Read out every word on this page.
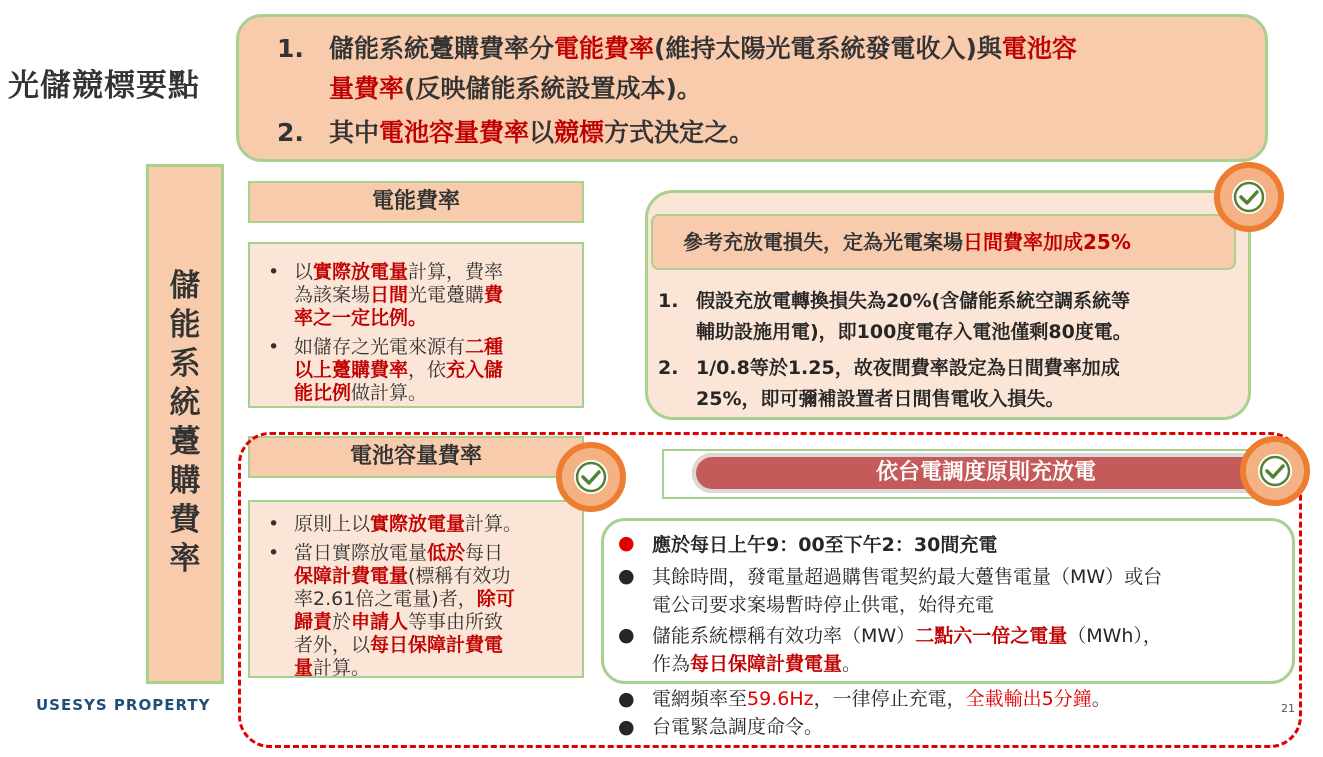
光儲競標要點
1. 儲能系統躉購費率分電能費率(維持太陽光電系統發電收入)與電池容
量費率(反映儲能系統設置成本)。
2. 其中電池容量費率以競標方式決定之。
儲
能
系
統
躉
購
費
率
電能費率
以實際放電量計算，費率
•
為該案場日間光電躉購費
率之一定比例。
如儲存之光電來源有二種
•
以上躉購費率，依充入儲
能比例做計算。
電池容量費率
原則上以實際放電量計算。
•
當日實際放電量低於每日
•
保障計費電量(標稱有效功
率2.61倍之電量)者，除可
歸責於申請人等事由所致
者外，以每日保障計費電
量計算。
參考充放電損失，定為光電案場日間費率加成25%
1. 假設充放電轉換損失為20%(含儲能系統空調系統等
輔助設施用電)，即100度電存入電池僅剩80度電。
2. 1/0.8等於1.25，故夜間費率設定為日間費率加成
25%，即可彌補設置者日間售電收入損失。
依台電調度原則充放電
● 應於每日上午9：00至下午2：30間充電
● 其餘時間，發電量超過購售電契約最大躉售電量（MW）或台
電公司要求案場暫時停止供電，始得充電
● 儲能系統標稱有效功率（MW）二點六一倍之電量（MWh），
作為每日保障計費電量。
● 電網頻率至59.6Hz，一律停止充電，全載輸出5分鐘。
● 台電緊急調度命令。
USESYS PROPERTY	21
